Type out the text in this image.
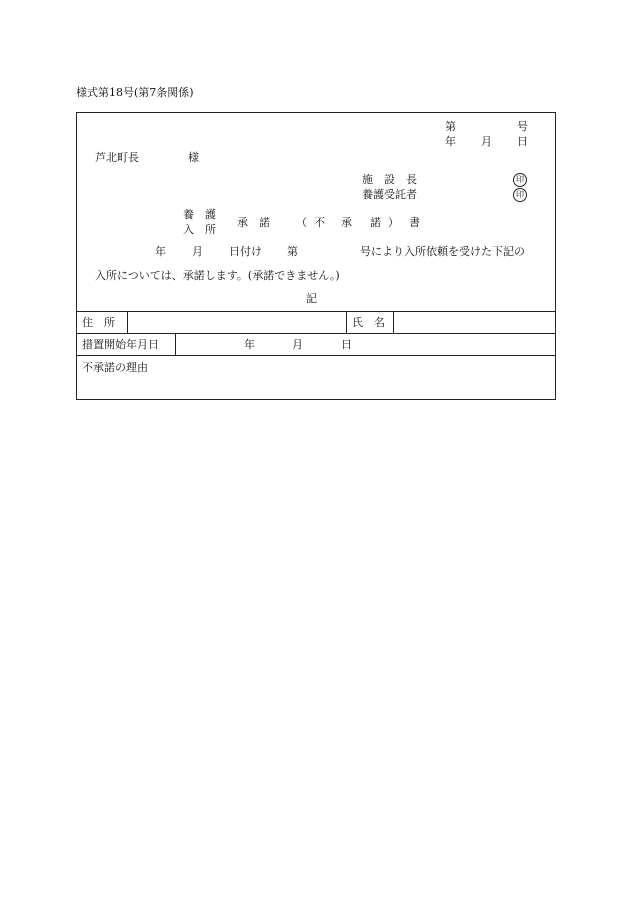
様式第18号(第7条関係)
第	号
年 月 日
芦北町長	様
施　設　長	印
養護受託者	印
養　護
入　所
承　諾 （ 不 承 諾 ） 書
年 月 日付け 第	号により入所依頼を受けた下記の
入所については、承諾します。(承諾できません。)
記
住　所	氏　名
措置開始年月日	年	月	日
不承諾の理由
